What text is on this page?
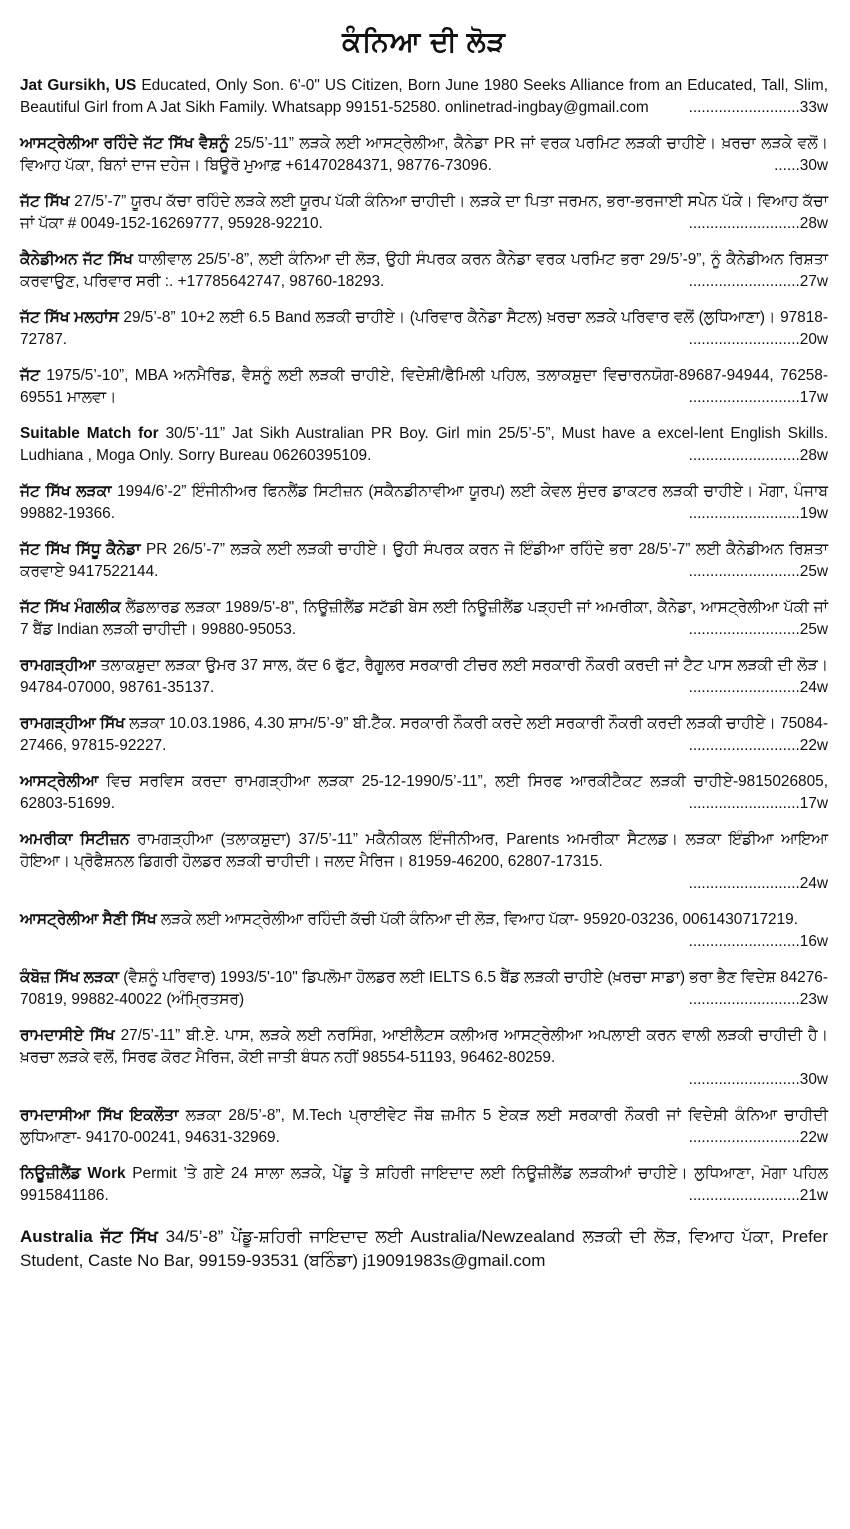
ਕੰਨਿਆ ਦੀ ਲੋੜ
Jat Gursikh, US Educated, Only Son. 6'-0" US Citizen, Born June 1980 Seeks Alliance from an Educated, Tall, Slim, Beautiful Girl from A Jat Sikh Family. Whatsapp 99151-52580. onlinetrad-ingbay@gmail.com	..........................33w
ਆਸਟ੍ਰੇਲੀਆ ਰਹਿੰਦੇ ਜੱਟ ਸਿੱਖ ਵੈਸ਼ਨੂੰ 25/5’-11” ਲੜਕੇ ਲਈ ਆਸਟ੍ਰੇਲੀਆ, ਕੈਨੇਡਾ PR ਜਾਂ ਵਰਕ ਪਰਮਿਟ ਲੜਕੀ ਚਾਹੀਏ। ਖ਼ਰਚਾ ਲੜਕੇ ਵਲੋਂ। ਵਿਆਹ ਪੱਕਾ, ਬਿਨਾਂ ਦਾਜ ਦਹੇਜ। ਬਿਊਰੋ ਮੁਆਫ਼ +61470284371, 98776-73096.	......30w
ਜੱਟ ਸਿੱਖ 27/5’-7” ਯੂਰਪ ਕੱਚਾ ਰਹਿੰਦੇ ਲੜਕੇ ਲਈ ਯੂਰਪ ਪੱਕੀ ਕੰਨਿਆ ਚਾਹੀਦੀ। ਲੜਕੇ ਦਾ ਪਿਤਾ ਜਰਮਨ, ਭਰਾ-ਭਰਜਾਈ ਸਪੇਨ ਪੱਕੇ। ਵਿਆਹ ਕੱਚਾ ਜਾਂ ਪੱਕਾ # 0049-152-16269777, 95928-92210.	..........................28w
ਕੈਨੇਡੀਅਨ ਜੱਟ ਸਿੱਖ ਧਾਲੀਵਾਲ 25/5’-8”, ਲਈ ਕੰਨਿਆ ਦੀ ਲੋੜ, ਉਹੀ ਸੰਪਰਕ ਕਰਨ ਕੈਨੇਡਾ ਵਰਕ ਪਰਮਿਟ ਭਰਾ 29/5’-9”, ਨੂੰ ਕੈਨੇਡੀਅਨ ਰਿਸ਼ਤਾ ਕਰਵਾਉਣ, ਪਰਿਵਾਰ ਸਰੀ :. +17785642747, 98760-18293.	..........................27w
ਜੱਟ ਸਿੱਖ ਮਲਹਾਂਸ 29/5’-8” 10+2 ਲਈ 6.5 Band ਲੜਕੀ ਚਾਹੀਏ। (ਪਰਿਵਾਰ ਕੈਨੇਡਾ ਸੈਟਲ) ਖ਼ਰਚਾ ਲੜਕੇ ਪਰਿਵਾਰ ਵਲੋਂ (ਲੁਧਿਆਣਾ)। 97818-72787.	..........................20w
ਜੱਟ 1975/5’-10”, MBA ਅਨਮੈਰਿਡ, ਵੈਸ਼ਨੂੰ ਲਈ ਲੜਕੀ ਚਾਹੀਏ, ਵਿਦੇਸ਼ੀ/ਫੈਮਿਲੀ ਪਹਿਲ, ਤਲਾਕਸ਼ੁਦਾ ਵਿਚਾਰਨਯੋਗ-89687-94944, 76258-69551 ਮਾਲਵਾ।	..........................17w
Suitable Match for 30/5’-11” Jat Sikh Australian PR Boy. Girl min 25/5’-5”, Must have a excel-lent English Skills. Ludhiana , Moga Only. Sorry Bureau 06260395109.	..........................28w
ਜੱਟ ਸਿੱਖ ਲੜਕਾ 1994/6’-2” ਇੰਜੀਨੀਅਰ ਫਿਨਲੈਂਡ ਸਿਟੀਜ਼ਨ (ਸਕੈਨਡੀਨਾਵੀਆ ਯੂਰਪ) ਲਈ ਕੇਵਲ ਸੁੰਦਰ ਡਾਕਟਰ ਲੜਕੀ ਚਾਹੀਏ। ਮੋਗਾ, ਪੰਜਾਬ 99882-19366.	..........................19w
ਜੱਟ ਸਿੱਖ ਸਿੱਧੂ ਕੈਨੇਡਾ PR 26/5’-7” ਲੜਕੇ ਲਈ ਲੜਕੀ ਚਾਹੀਏ। ਉਹੀ ਸੰਪਰਕ ਕਰਨ ਜੋ ਇੰਡੀਆ ਰਹਿੰਦੇ ਭਰਾ 28/5’-7” ਲਈ ਕੈਨੇਡੀਅਨ ਰਿਸ਼ਤਾ ਕਰਵਾਏ 9417522144.	..........................25w
ਜੱਟ ਸਿੱਖ ਮੰਗਲੀਕ ਲੈਂਡਲਾਰਡ ਲੜਕਾ 1989/5'-8", ਨਿਊਜ਼ੀਲੈਂਡ ਸਟੱਡੀ ਬੇਸ ਲਈ ਨਿਊਜ਼ੀਲੈਂਡ ਪੜ੍ਹਦੀ ਜਾਂ ਅਮਰੀਕਾ, ਕੈਨੇਡਾ, ਆਸਟ੍ਰੇਲੀਆ ਪੱਕੀ ਜਾਂ 7 ਬੈਂਡ Indian ਲੜਕੀ ਚਾਹੀਦੀ। 99880-95053.	..........................25w
ਰਾਮਗੜ੍ਹੀਆ ਤਲਾਕਸ਼ੁਦਾ ਲੜਕਾ ਉਮਰ 37 ਸਾਲ, ਕੱਦ 6 ਫੁੱਟ, ਰੈਗੂਲਰ ਸਰਕਾਰੀ ਟੀਚਰ ਲਈ ਸਰਕਾਰੀ ਨੌਕਰੀ ਕਰਦੀ ਜਾਂ ਟੈਟ ਪਾਸ ਲੜਕੀ ਦੀ ਲੋੜ। 94784-07000, 98761-35137.	..........................24w
ਰਾਮਗੜ੍ਹੀਆ ਸਿੱਖ ਲੜਕਾ 10.03.1986, 4.30 ਸ਼ਾਮ/5’-9” ਬੀ.ਟੈੱਕ. ਸਰਕਾਰੀ ਨੌਕਰੀ ਕਰਦੇ ਲਈ ਸਰਕਾਰੀ ਨੌਕਰੀ ਕਰਦੀ ਲੜਕੀ ਚਾਹੀਏ। 75084-27466, 97815-92227.	..........................22w
ਆਸਟ੍ਰੇਲੀਆ ਵਿਚ ਸਰਵਿਸ ਕਰਦਾ ਰਾਮਗੜ੍ਹੀਆ ਲੜਕਾ 25-12-1990/5’-11”, ਲਈ ਸਿਰਫ ਆਰਕੀਟੈਕਟ ਲੜਕੀ ਚਾਹੀਏ-9815026805, 62803-51699.	..........................17w
ਅਮਰੀਕਾ ਸਿਟੀਜ਼ਨ ਰਾਮਗੜ੍ਹੀਆ (ਤਲਾਕਸ਼ੁਦਾ) 37/5’-11” ਮਕੈਨੀਕਲ ਇੰਜੀਨੀਅਰ, Parents ਅਮਰੀਕਾ ਸੈਟਲਡ। ਲੜਕਾ ਇੰਡੀਆ ਆਇਆ ਹੋਇਆ। ਪ੍ਰੋਫੈਸ਼ਨਲ ਡਿਗਰੀ ਹੋਲਡਰ ਲੜਕੀ ਚਾਹੀਦੀ। ਜਲਦ ਮੈਰਿਜ। 81959-46200, 62807-17315.
..........................24w
ਆਸਟ੍ਰੇਲੀਆ ਸੈਣੀ ਸਿੱਖ ਲੜਕੇ ਲਈ ਆਸਟ੍ਰੇਲੀਆ ਰਹਿੰਦੀ ਕੱਚੀ ਪੱਕੀ ਕੰਨਿਆ ਦੀ ਲੋੜ, ਵਿਆਹ ਪੱਕਾ- 95920-03236, 0061430717219.
..........................16w
ਕੰਬੋਜ਼ ਸਿੱਖ ਲੜਕਾ (ਵੈਸ਼ਨੂੰ ਪਰਿਵਾਰ) 1993/5'-10" ਡਿਪਲੋਮਾ ਹੋਲਡਰ ਲਈ IELTS 6.5 ਬੈਂਡ ਲੜਕੀ ਚਾਹੀਏ (ਖ਼ਰਚਾ ਸਾਡਾ) ਭਰਾ ਭੈਣ ਵਿਦੇਸ਼ 84276-70819, 99882-40022 (ਅੰਮ੍ਰਿਤਸਰ)	..........................23w
ਰਾਮਦਾਸੀਏ ਸਿੱਖ 27/5’-11” ਬੀ.ਏ. ਪਾਸ, ਲੜਕੇ ਲਈ ਨਰਸਿੰਗ, ਆਈਲੈਟਸ ਕਲੀਅਰ ਆਸਟ੍ਰੇਲੀਆ ਅਪਲਾਈ ਕਰਨ ਵਾਲੀ ਲੜਕੀ ਚਾਹੀਦੀ ਹੈ। ਖ਼ਰਚਾ ਲੜਕੇ ਵਲੋਂ, ਸਿਰਫ ਕੋਰਟ ਮੈਰਿਜ, ਕੋਈ ਜਾਤੀ ਬੰਧਨ ਨਹੀਂ 98554-51193, 96462-80259.
..........................30w
ਰਾਮਦਾਸੀਆ ਸਿੱਖ ਇਕਲੌਤਾ ਲੜਕਾ 28/5’-8”, M.Tech ਪ੍ਰਾਈਵੇਟ ਜੌਬ ਜ਼ਮੀਨ 5 ਏਕੜ ਲਈ ਸਰਕਾਰੀ ਨੌਕਰੀ ਜਾਂ ਵਿਦੇਸ਼ੀ ਕੰਨਿਆ ਚਾਹੀਦੀ ਲੁਧਿਆਣਾ- 94170-00241, 94631-32969.	..........................22w
ਨਿਊਜ਼ੀਲੈਂਡ Work Permit ’ਤੇ ਗਏ 24 ਸਾਲਾ ਲੜਕੇ, ਪੇਂਡੂ ਤੇ ਸ਼ਹਿਰੀ ਜਾਇਦਾਦ ਲਈ ਨਿਊਜ਼ੀਲੈਂਡ ਲੜਕੀਆਂ ਚਾਹੀਏ। ਲੁਧਿਆਣਾ, ਮੋਗਾ ਪਹਿਲ 9915841186.	..........................21w
Australia ਜੱਟ ਸਿੱਖ 34/5’-8” ਪੇਂਡੂ-ਸ਼ਹਿਰੀ ਜਾਇਦਾਦ ਲਈ Australia/Newzealand ਲੜਕੀ ਦੀ ਲੋੜ, ਵਿਆਹ ਪੱਕਾ, Prefer Student, Caste No Bar, 99159-93531 (ਬਠਿੰਡਾ) j19091983s@gmail.com
